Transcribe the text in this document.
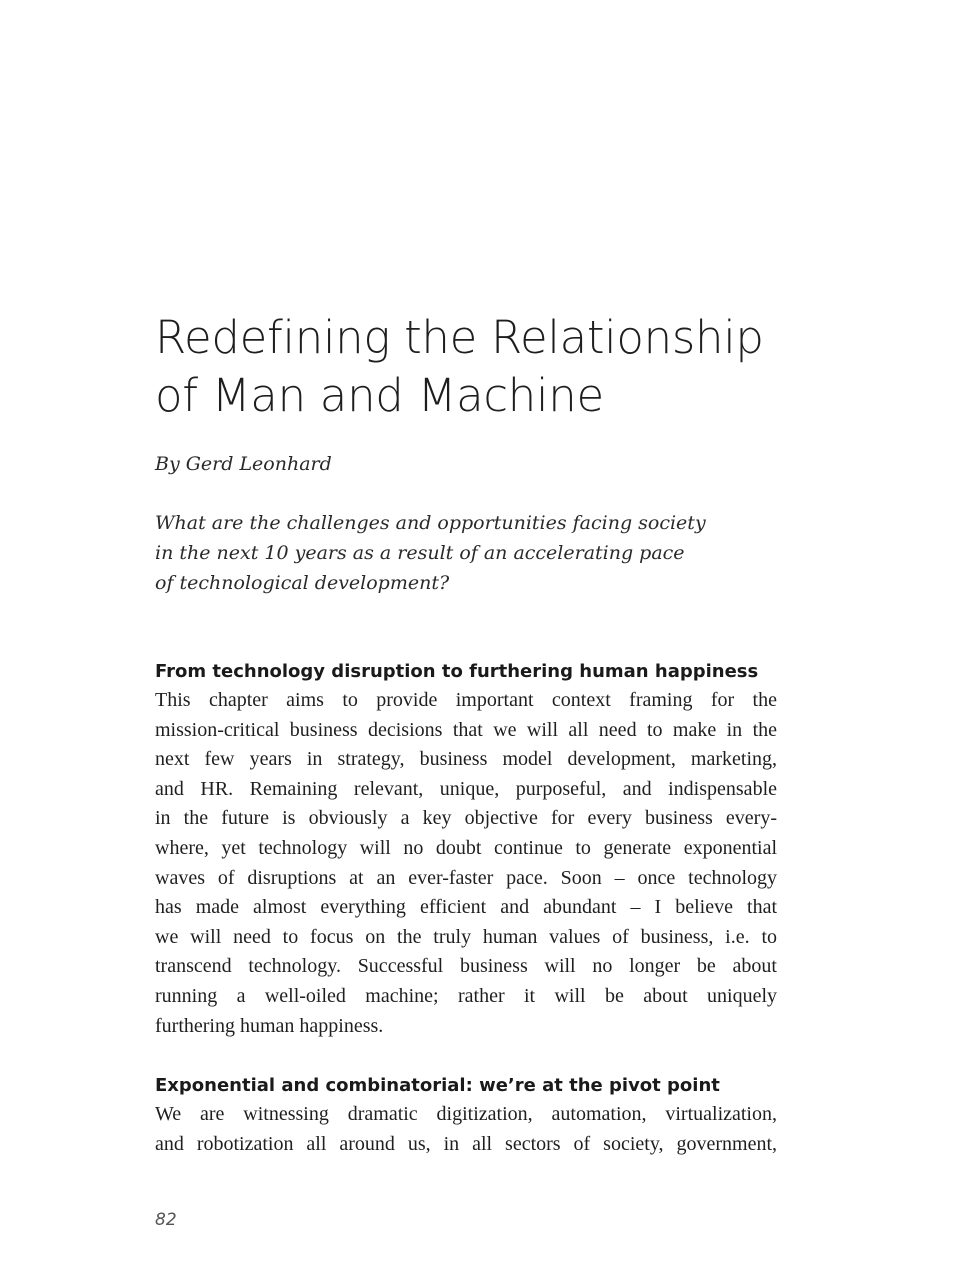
Redefining the Relationship
of Man and Machine

By Gerd Leonhard

What are the challenges and opportunities facing society
in the next 10 years as a result of an accelerating pace
of technological development?

From technology disruption to furthering human happiness
This chapter aims to provide important context framing for the
mission-critical business decisions that we will all need to make in the
next few years in strategy, business model development, marketing,
and HR. Remaining relevant, unique, purposeful, and indispensable
in the future is obviously a key objective for every business every-
where, yet technology will no doubt continue to generate exponential
waves of disruptions at an ever-faster pace. Soon – once technology
has made almost everything efficient and abundant – I believe that
we will need to focus on the truly human values of business, i.e. to
transcend technology. Successful business will no longer be about
running a well-oiled machine; rather it will be about uniquely
furthering human happiness.
Exponential and combinatorial: we’re at the pivot point
We are witnessing dramatic digitization, automation, virtualization,
and robotization all around us, in all sectors of society, government,

82
